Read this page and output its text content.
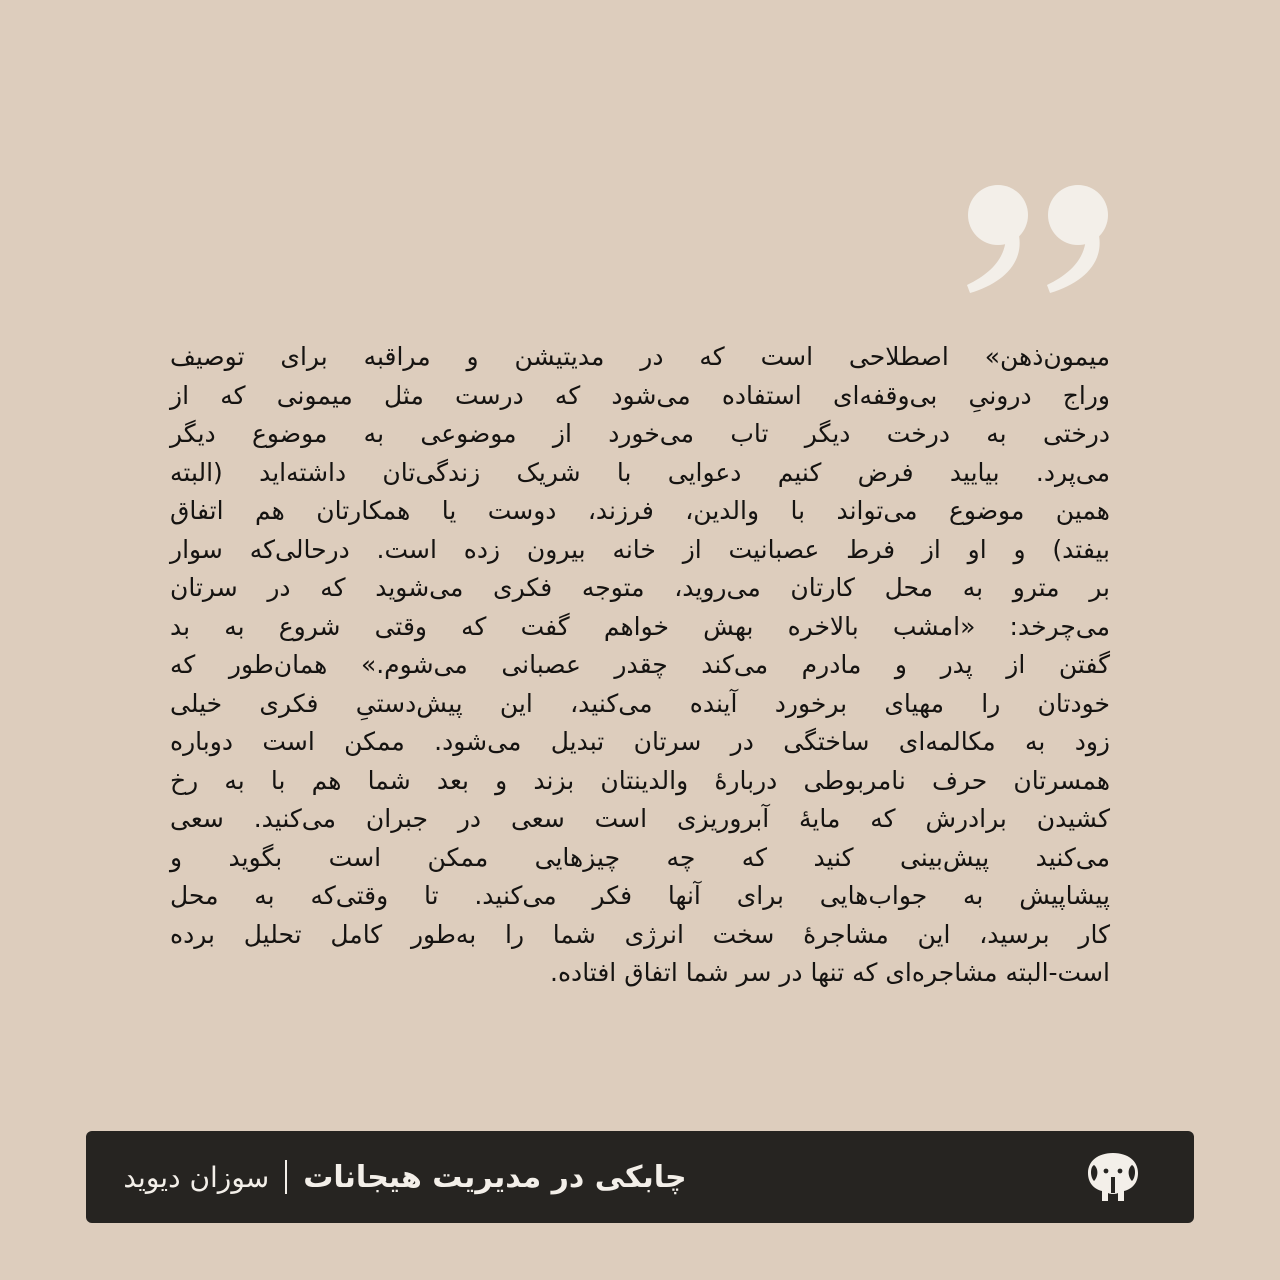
میمون‌ذهن» اصطلاحی است که در مدیتیشن و مراقبه برای توصیف
وراج درونیِ بی‌وقفه‌ای استفاده می‌شود که درست مثل میمونی که از
درختی به درخت دیگر تاب می‌خورد از موضوعی به موضوع دیگر
می‌پرد. بیایید فرض کنیم دعوایی با شریک زندگی‌تان داشته‌اید (البته
همین موضوع می‌تواند با والدین، فرزند، دوست یا همکارتان هم اتفاق
بیفتد) و او از فرط عصبانیت از خانه بیرون زده است. درحالی‌که سوار
بر مترو به محل کارتان می‌روید، متوجه فکری می‌شوید که در سرتان
می‌چرخد: «امشب بالاخره بهش خواهم گفت که وقتی شروع به بد
گفتن از پدر و مادرم می‌کند چقدر عصبانی می‌شوم.» همان‌طور که
خودتان را مهیای برخورد آینده می‌کنید، این پیش‌دستیِ فکری خیلی
زود به مکالمه‌ای ساختگی در سرتان تبدیل می‌شود. ممکن است دوباره
همسرتان حرف نامربوطی دربارهٔ والدینتان بزند و بعد شما هم با به رخ
کشیدن برادرش که مایهٔ آبروریزی است سعی در جبران می‌کنید. سعی
می‌کنید پیش‌بینی کنید که چه چیزهایی ممکن است بگوید و
پیشاپیش به جواب‌هایی برای آنها فکر می‌کنید. تا وقتی‌که به محل
کار برسید، این مشاجرهٔ سخت انرژی شما را به‌طور کامل تحلیل برده
است-البته مشاجره‌ای که تنها در سر شما اتفاق افتاده.
چابکی در مدیریت هیجانات
سوزان دیوید
